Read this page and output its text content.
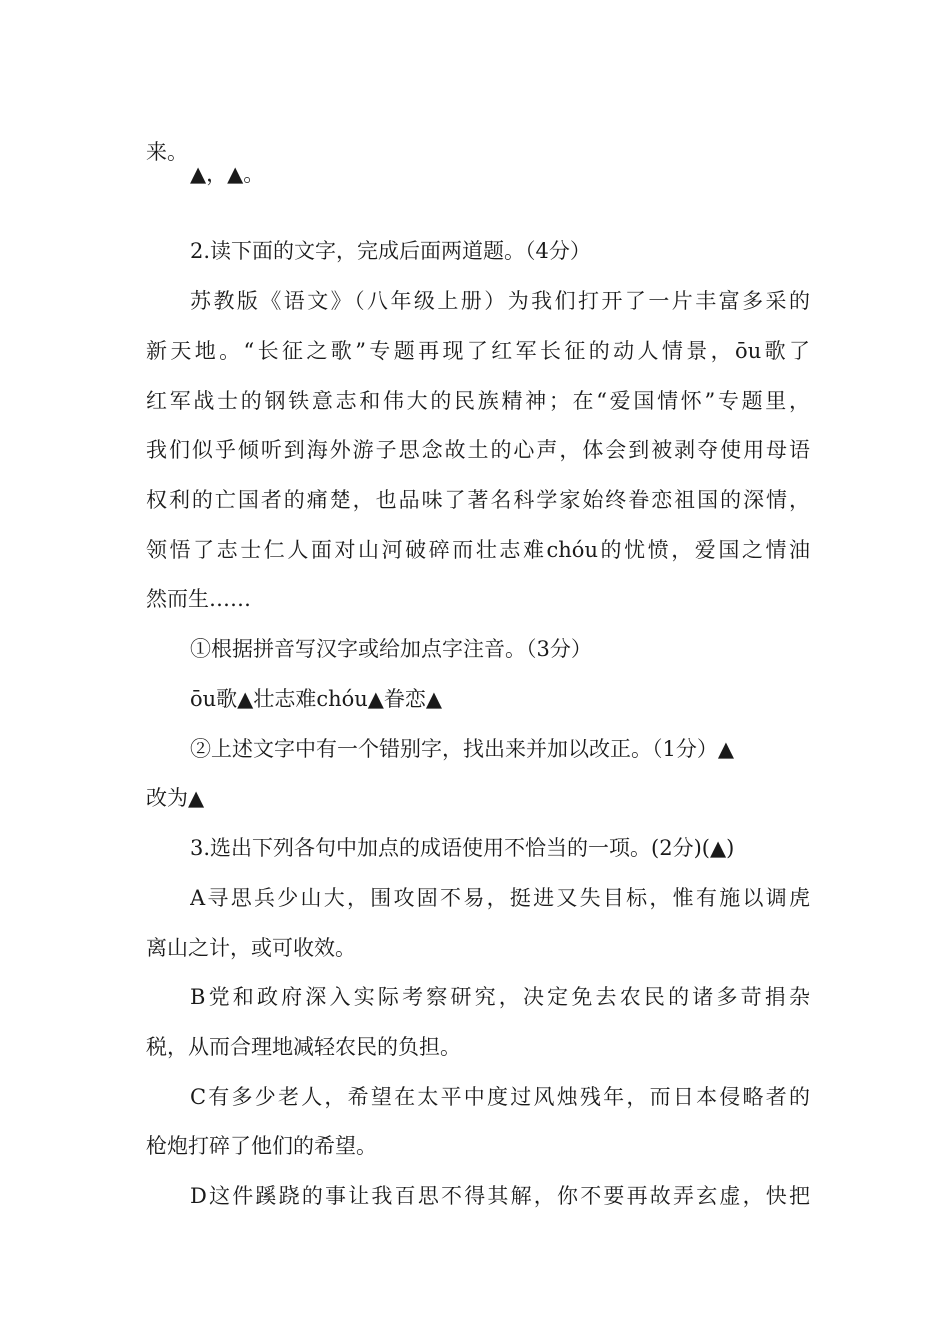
来。
▲，▲。
2.读下面的文字，完成后面两道题。（4分）
苏教版《语文》（八年级上册）为我们打开了一片丰富多采的
新天地。“长征之歌”专题再现了红军长征的动人情景，ōu歌了
红军战士的钢铁意志和伟大的民族精神；在“爱国情怀”专题里，
我们似乎倾听到海外游子思念故土的心声，体会到被剥夺使用母语
权利的亡国者的痛楚，也品味了著名科学家始终眷恋祖国的深情，
领悟了志士仁人面对山河破碎而壮志难chóu的忧愤，爱国之情油
然而生……
①根据拼音写汉字或给加点字注音。（3分）
ōu歌▲壮志难chóu▲眷恋▲
②上述文字中有一个错别字，找出来并加以改正。（1分）▲
改为▲
3.选出下列各句中加点的成语使用不恰当的一项。(2分)(▲)
A寻思兵少山大，围攻固不易，挺进又失目标，惟有施以调虎
离山之计，或可收效。
B党和政府深入实际考察研究，决定免去农民的诸多苛捐杂
税，从而合理地减轻农民的负担。
C有多少老人，希望在太平中度过风烛残年，而日本侵略者的
枪炮打碎了他们的希望。
D这件蹊跷的事让我百思不得其解，你不要再故弄玄虚，快把
